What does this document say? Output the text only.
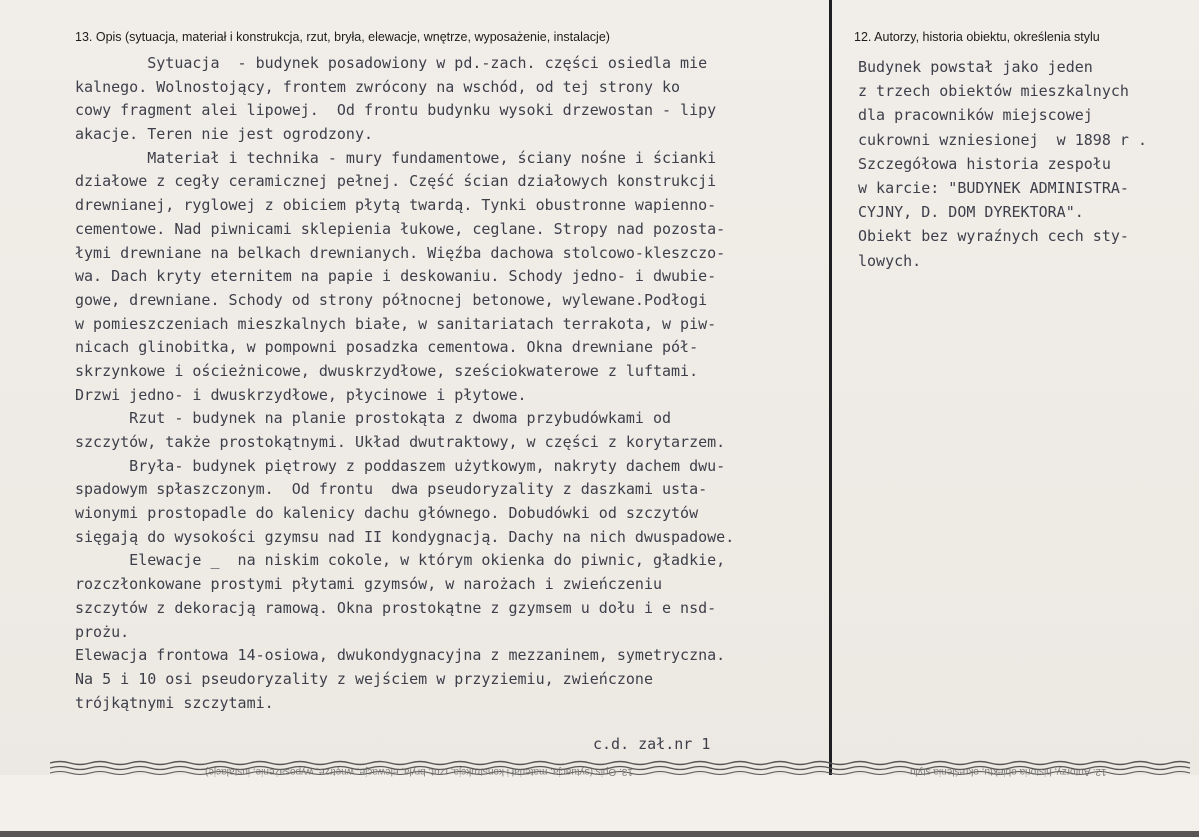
13. Opis (sytuacja, materiał i konstrukcja, rzut, bryła, elewacje, wnętrze, wyposażenie, instalacje)	12. Autorzy, historia obiektu, określenia stylu
Sytuacja  - budynek posadowiony w pd.-zach. części osiedla mie
kalnego. Wolnostojący, frontem zwrócony na wschód, od tej strony ko
cowy fragment alei lipowej.  Od frontu budynku wysoki drzewostan - lipy
akacje. Teren nie jest ogrodzony.
Materiał i technika - mury fundamentowe, ściany nośne i ścianki
działowe z cegły ceramicznej pełnej. Część ścian działowych konstrukcji
drewnianej, ryglowej z obiciem płytą twardą. Tynki obustronne wapienno-
cementowe. Nad piwnicami sklepienia łukowe, ceglane. Stropy nad pozosta-
łymi drewniane na belkach drewnianych. Więźba dachowa stolcowo-kleszczo-
wa. Dach kryty eternitem na papie i deskowaniu. Schody jedno- i dwubie-
gowe, drewniane. Schody od strony północnej betonowe, wylewane.Podłogi
w pomieszczeniach mieszkalnych białe, w sanitariatach terrakota, w piw-
nicach glinobitka, w pompowni posadzka cementowa. Okna drewniane pół-
skrzynkowe i ościeżnicowe, dwuskrzydłowe, sześciokwaterowe z luftami.
Drzwi jedno- i dwuskrzydłowe, płycinowe i płytowe.
Rzut - budynek na planie prostokąta z dwoma przybudówkami od
szczytów, także prostokątnymi. Układ dwutraktowy, w części z korytarzem.
Bryła- budynek piętrowy z poddaszem użytkowym, nakryty dachem dwu-
spadowym spłaszczonym.  Od frontu  dwa pseudoryzality z daszkami usta-
wionymi prostopadle do kalenicy dachu głównego. Dobudówki od szczytów
sięgają do wysokości gzymsu nad II kondygnacją. Dachy na nich dwuspadowe.
Elewacje _  na niskim cokole, w którym okienka do piwnic, gładkie,
rozczłonkowane prostymi płytami gzymsów, w narożach i zwieńczeniu
szczytów z dekoracją ramową. Okna prostokątne z gzymsem u dołu i e nsd-
prożu.
Elewacja frontowa 14-osiowa, dwukondygnacyjna z mezzaninem, symetryczna.
Na 5 i 10 osi pseudoryzality z wejściem w przyziemiu, zwieńczone
trójkątnymi szczytami.
c.d. zał.nr 1
Budynek powstał jako jeden
z trzech obiektów mieszkalnych
dla pracowników miejscowej
cukrowni wzniesionej  w 1898 r .
Szczegółowa historia zespołu
w karcie: "BUDYNEK ADMINISTRA-
CYJNY, D. DOM DYREKTORA".
Obiekt bez wyraźnych cech sty-
lowych.
13. Opis (sytuacja, materiał i konstrukcja, rzut, bryła, elewacje, wnętrze, wyposażenie, instalacje)	12. Autorzy, historia obiektu, określenia stylu
